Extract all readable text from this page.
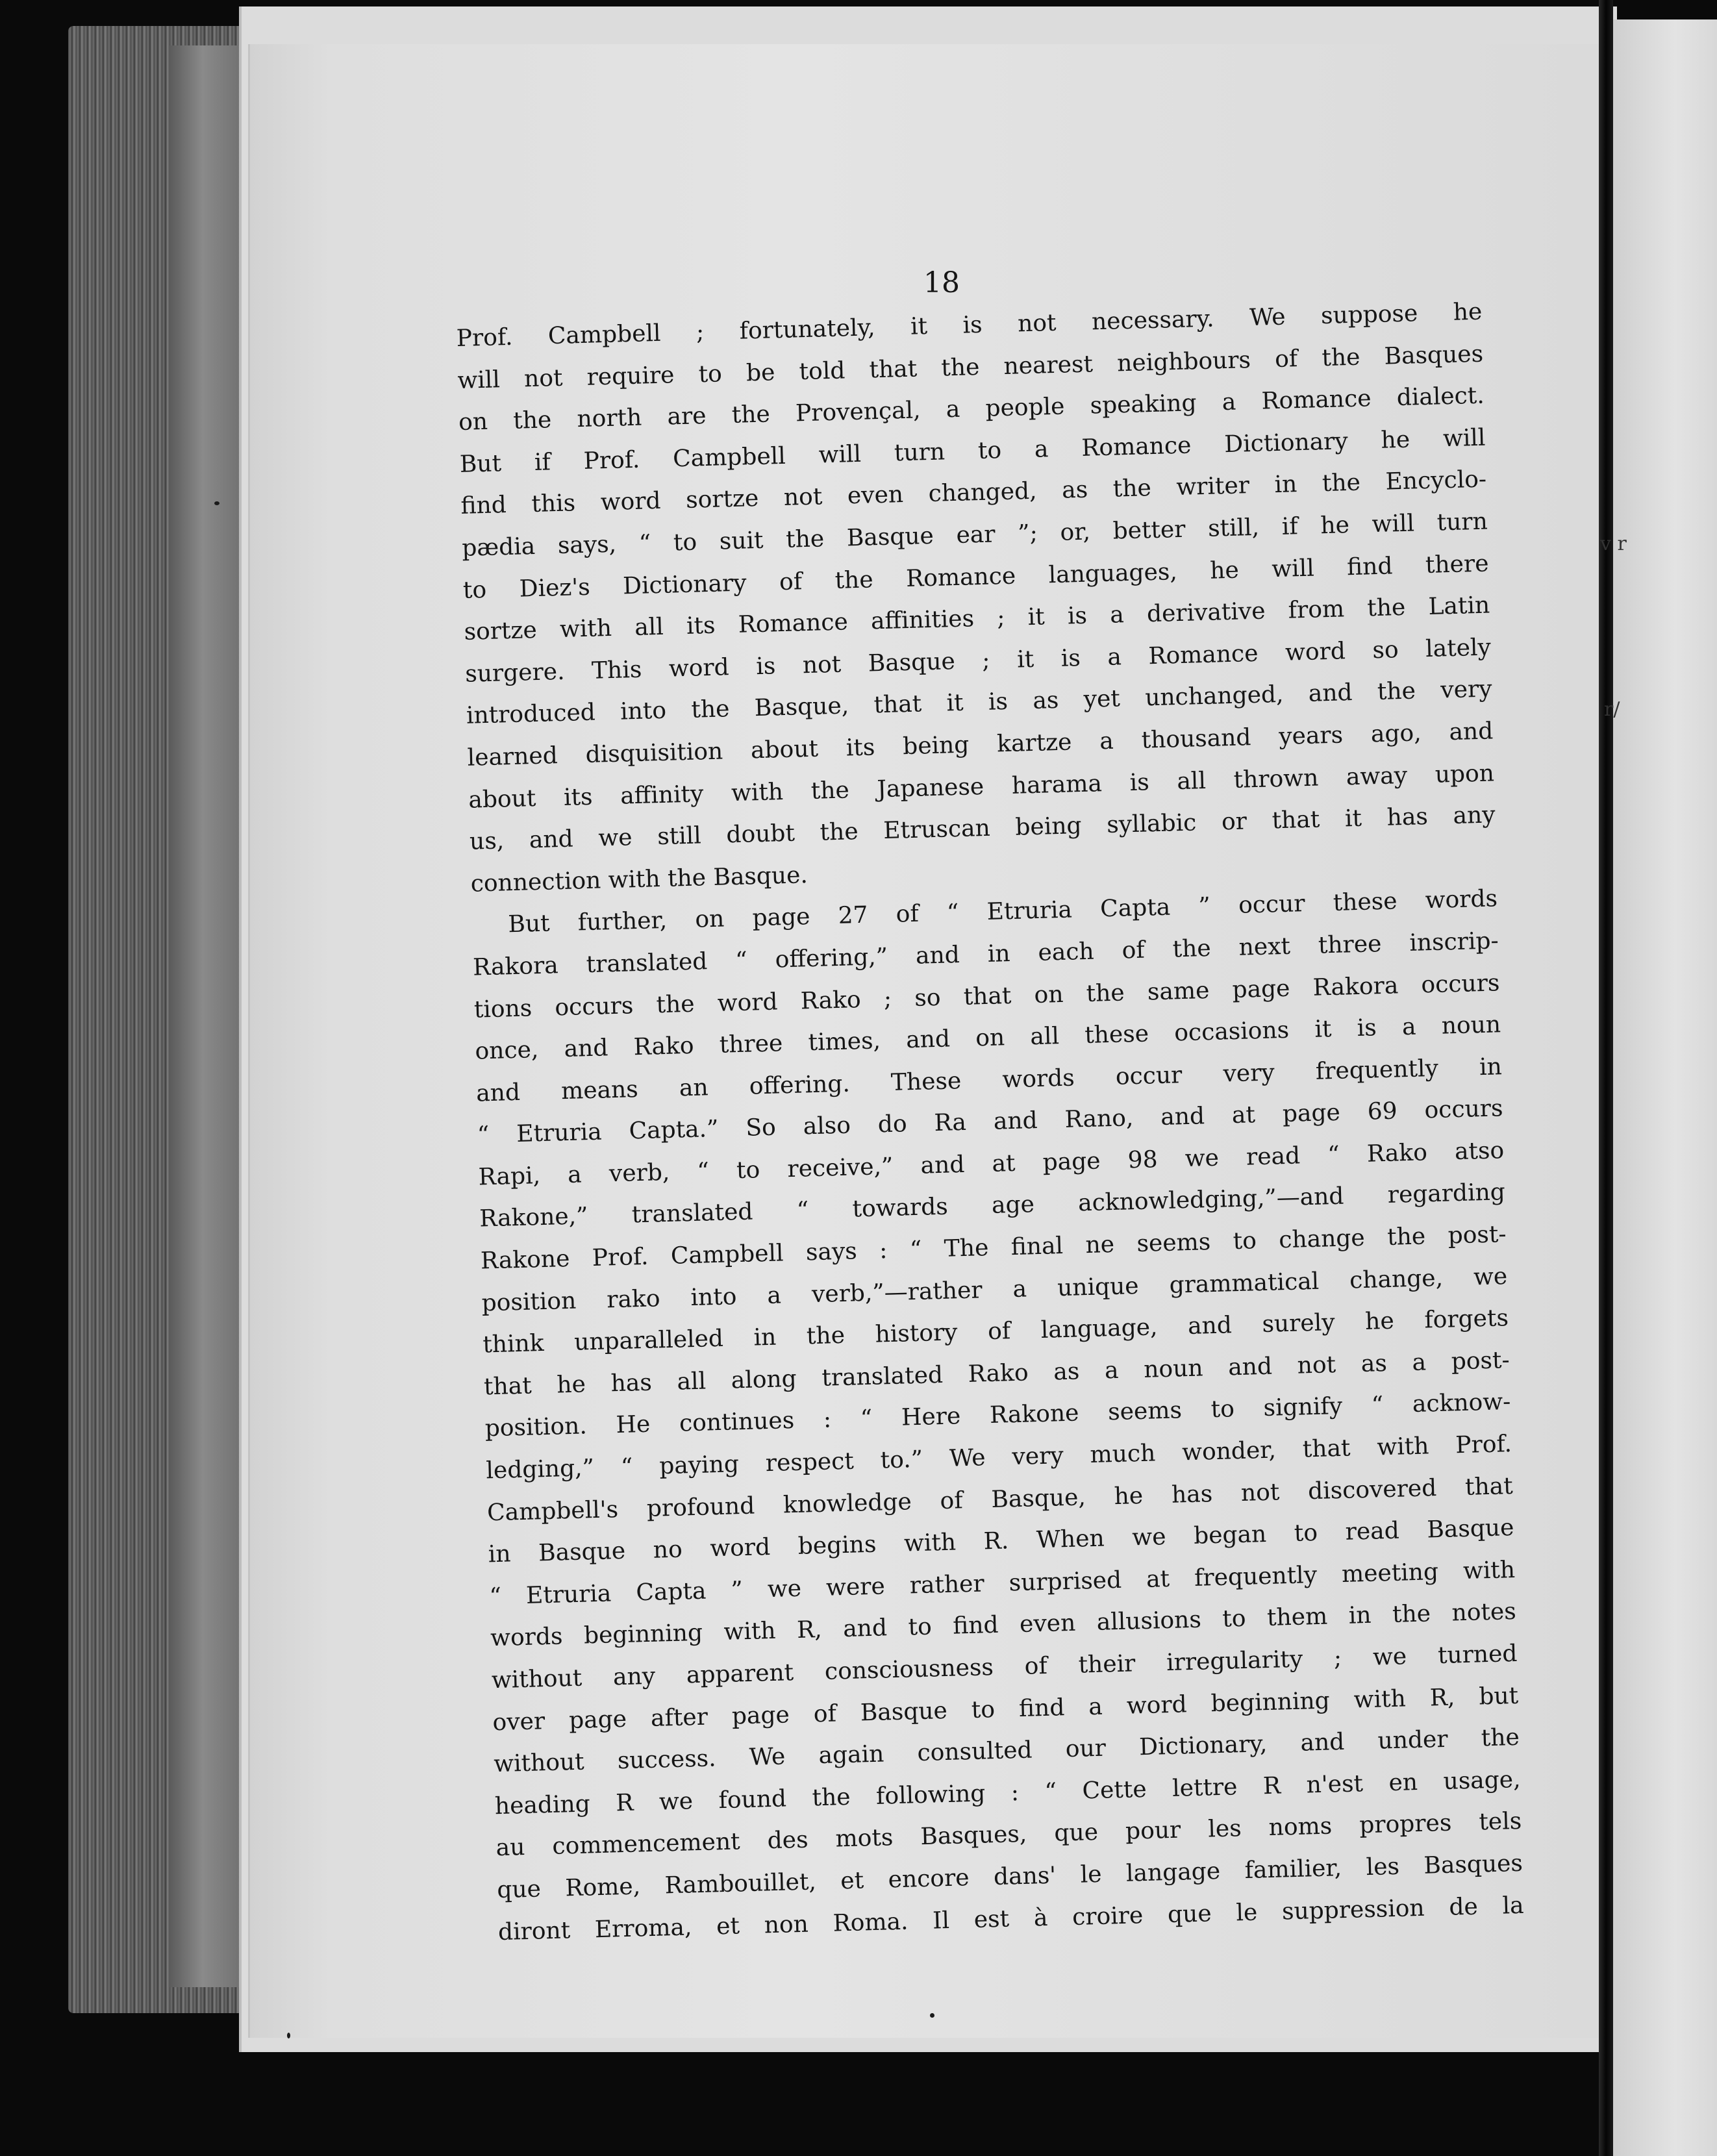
v r
r/
18
Prof. Campbell ; fortunately, it is not necessary. We suppose he
will not require to be told that the nearest neighbours of the Basques
on the north are the Provençal, a people speaking a Romance dialect.
But if Prof. Campbell will turn to a Romance Dictionary he will
find this word sortze not even changed, as the writer in the Encyclo-
pædia says, “ to suit the Basque ear ”; or, better still, if he will turn
to Diez's Dictionary of the Romance languages, he will find there
sortze with all its Romance affinities ; it is a derivative from the Latin
surgere. This word is not Basque ; it is a Romance word so lately
introduced into the Basque, that it is as yet unchanged, and the very
learned disquisition about its being kartze a thousand years ago, and
about its affinity with the Japanese harama is all thrown away upon
us, and we still doubt the Etruscan being syllabic or that it has any
connection with the Basque.
But further, on page 27 of “ Etruria Capta ” occur these words
Rakora translated “ offering,” and in each of the next three inscrip-
tions occurs the word Rako ; so that on the same page Rakora occurs
once, and Rako three times, and on all these occasions it is a noun
and means an offering. These words occur very frequently in
“ Etruria Capta.” So also do Ra and Rano, and at page 69 occurs
Rapi, a verb, “ to receive,” and at page 98 we read “ Rako atso
Rakone,” translated “ towards age acknowledging,”—and regarding
Rakone Prof. Campbell says : “ The final ne seems to change the post-
position rako into a verb,”—rather a unique grammatical change, we
think unparalleled in the history of language, and surely he forgets
that he has all along translated Rako as a noun and not as a post-
position. He continues : “ Here Rakone seems to signify “ acknow-
ledging,” “ paying respect to.” We very much wonder, that with Prof.
Campbell's profound knowledge of Basque, he has not discovered that
in Basque no word begins with R. When we began to read Basque
“ Etruria Capta ” we were rather surprised at frequently meeting with
words beginning with R, and to find even allusions to them in the notes
without any apparent consciousness of their irregularity ; we turned
over page after page of Basque to find a word beginning with R, but
without success. We again consulted our Dictionary, and under the
heading R we found the following : “ Cette lettre R n'est en usage,
au commencement des mots Basques, que pour les noms propres tels
que Rome, Rambouillet, et encore dans' le langage familier, les Basques
diront Erroma, et non Roma. Il est à croire que le suppression de la
